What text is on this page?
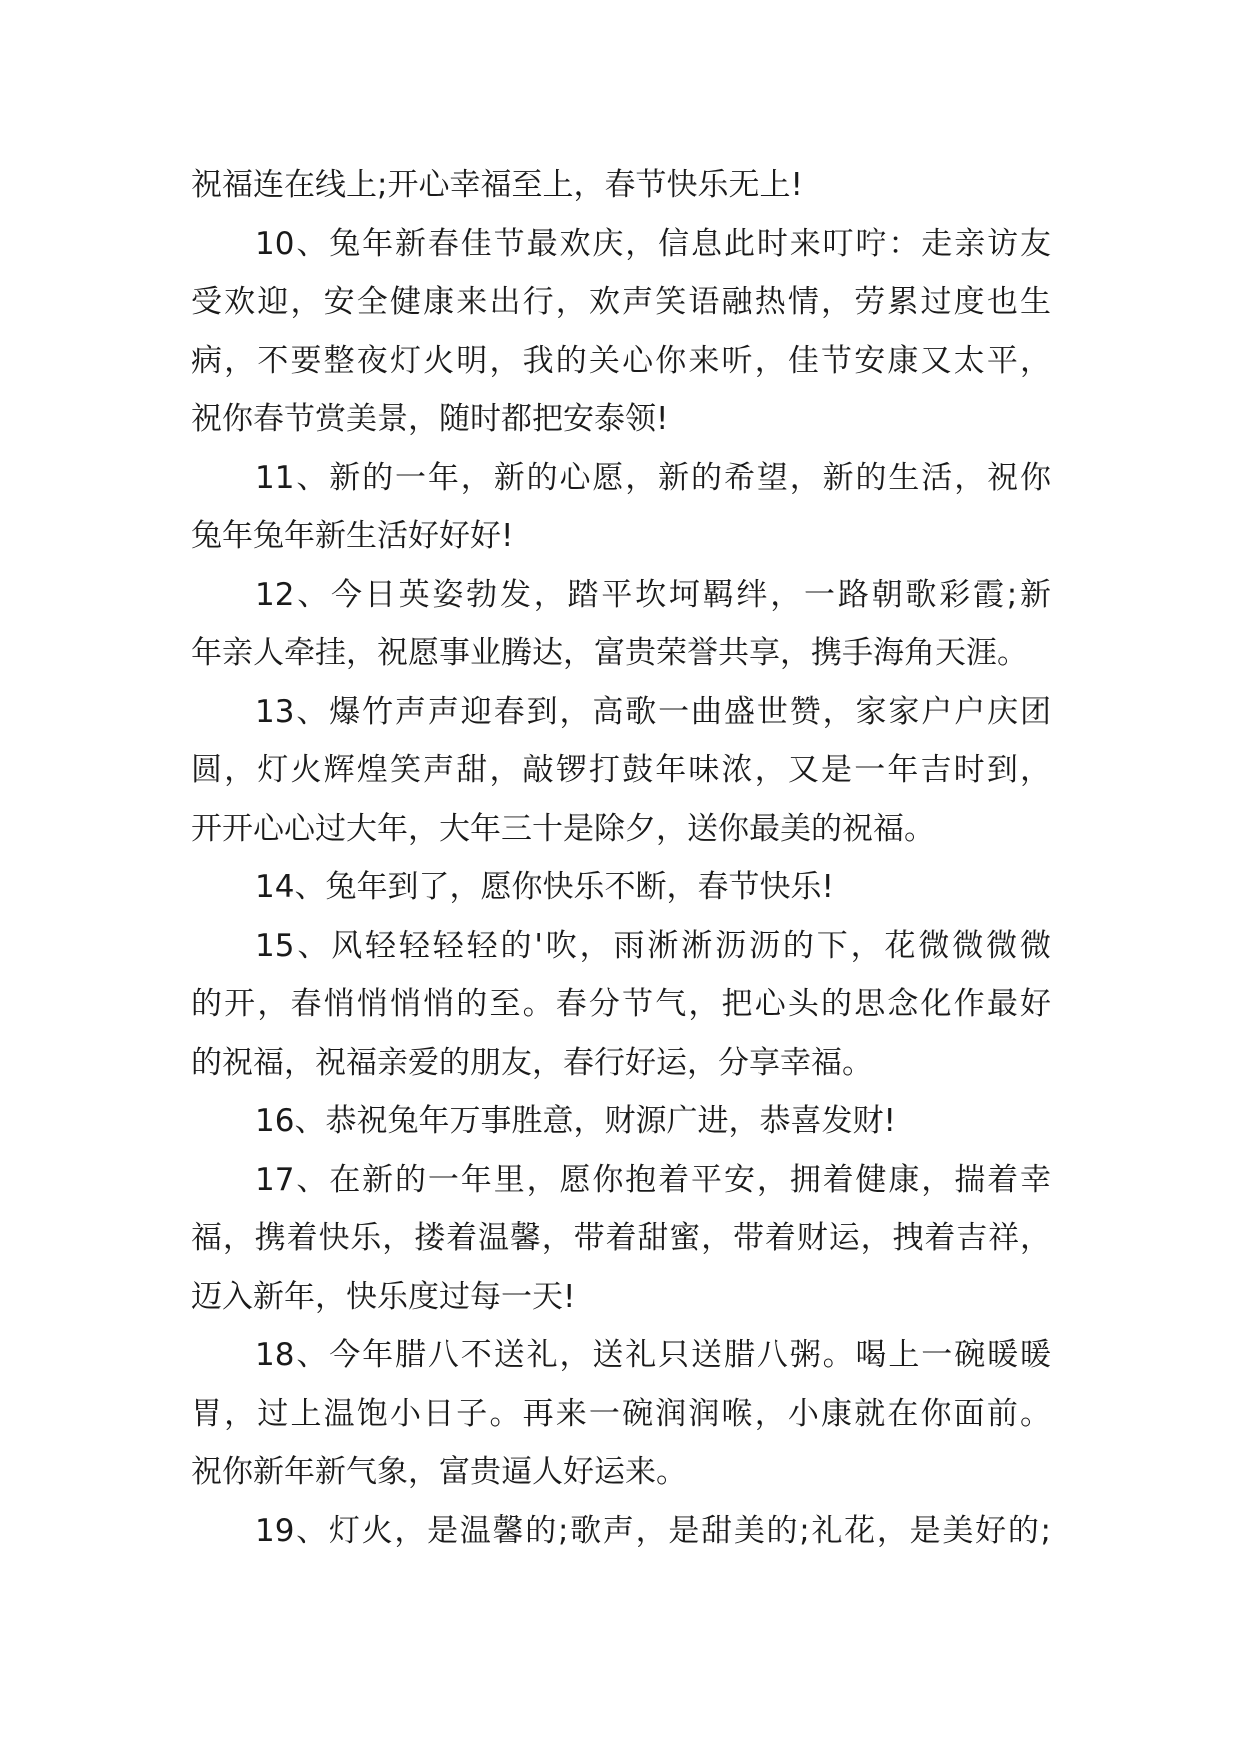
祝福连在线上;开心幸福至上，春节快乐无上!
10、兔年新春佳节最欢庆，信息此时来叮咛：走亲访友
受欢迎，安全健康来出行，欢声笑语融热情，劳累过度也生
病，不要整夜灯火明，我的关心你来听，佳节安康又太平，
祝你春节赏美景，随时都把安泰领!
11、新的一年，新的心愿，新的希望，新的生活，祝你
兔年兔年新生活好好好!
12、今日英姿勃发，踏平坎坷羁绊，一路朝歌彩霞;新
年亲人牵挂，祝愿事业腾达，富贵荣誉共享，携手海角天涯。
13、爆竹声声迎春到，高歌一曲盛世赞，家家户户庆团
圆，灯火辉煌笑声甜，敲锣打鼓年味浓，又是一年吉时到，
开开心心过大年，大年三十是除夕，送你最美的祝福。
14、兔年到了，愿你快乐不断，春节快乐!
15、风轻轻轻轻的'吹，雨淅淅沥沥的下，花微微微微
的开，春悄悄悄悄的至。春分节气，把心头的思念化作最好
的祝福，祝福亲爱的朋友，春行好运，分享幸福。
16、恭祝兔年万事胜意，财源广进，恭喜发财!
17、在新的一年里，愿你抱着平安，拥着健康，揣着幸
福，携着快乐，搂着温馨，带着甜蜜，带着财运，拽着吉祥，
迈入新年，快乐度过每一天!
18、今年腊八不送礼，送礼只送腊八粥。喝上一碗暖暖
胃，过上温饱小日子。再来一碗润润喉，小康就在你面前。
祝你新年新气象，富贵逼人好运来。
19、灯火，是温馨的;歌声，是甜美的;礼花，是美好的;
